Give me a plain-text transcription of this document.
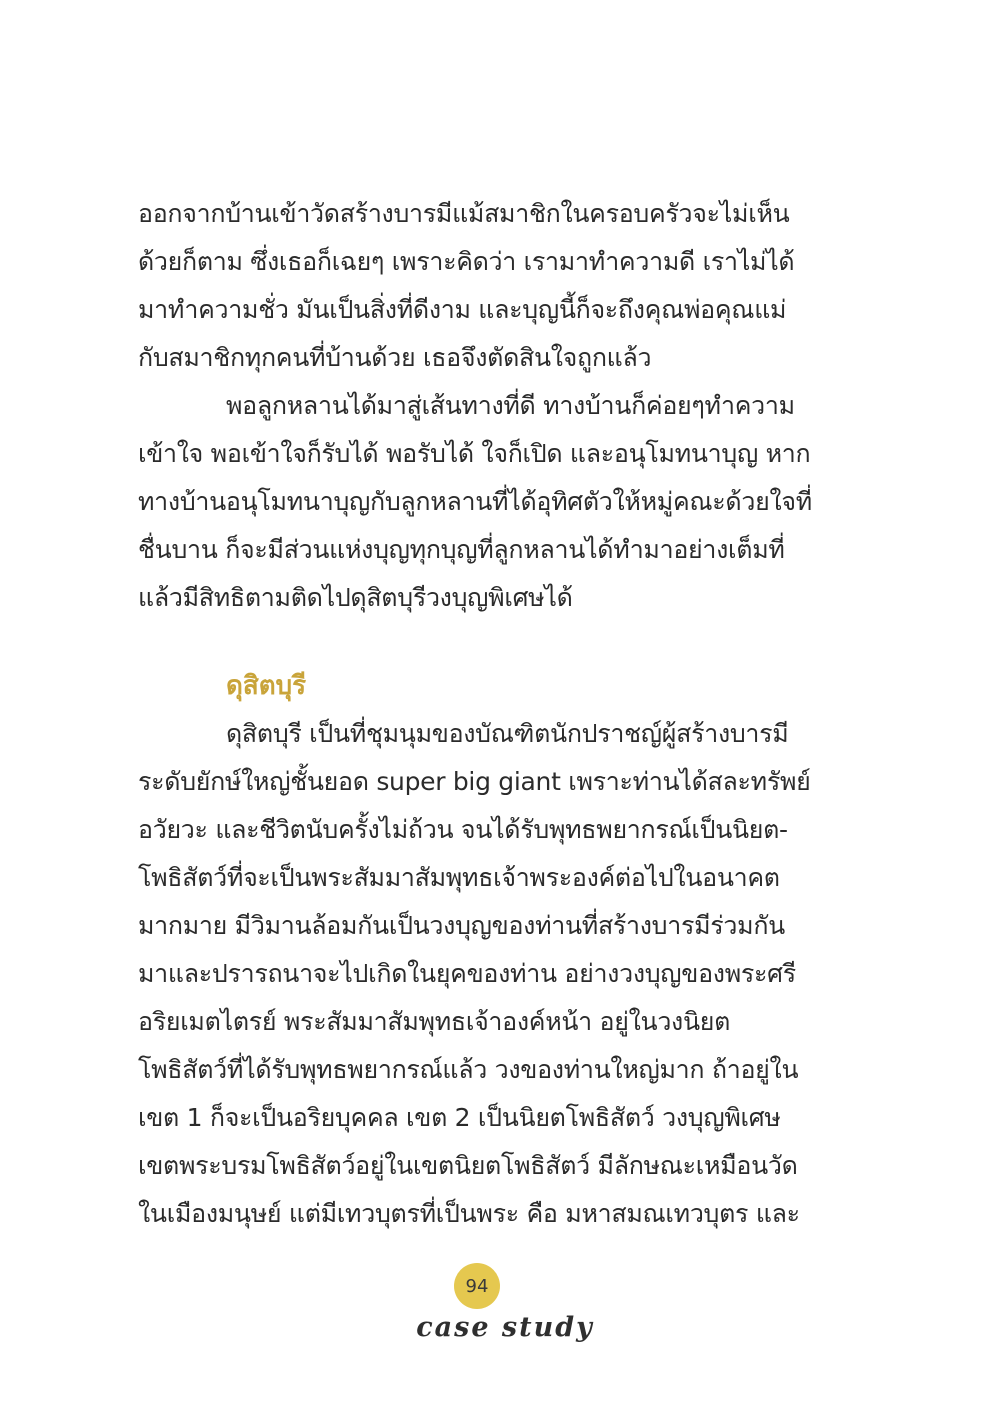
ออกจากบ้านเข้าวัดสร้างบารมีแม้สมาชิกในครอบครัวจะไม่เห็น
ด้วยก็ตาม ซึ่งเธอก็เฉยๆ เพราะคิดว่า เรามาทำความดี เราไม่ได้
มาทำความชั่ว มันเป็นสิ่งที่ดีงาม และบุญนี้ก็จะถึงคุณพ่อคุณแม่
กับสมาชิกทุกคนที่บ้านด้วย เธอจึงตัดสินใจถูกแล้ว
พอลูกหลานได้มาสู่เส้นทางที่ดี ทางบ้านก็ค่อยๆทำความ
เข้าใจ พอเข้าใจก็รับได้ พอรับได้ ใจก็เปิด และอนุโมทนาบุญ หาก
ทางบ้านอนุโมทนาบุญกับลูกหลานที่ได้อุทิศตัวให้หมู่คณะด้วยใจที่
ชื่นบาน ก็จะมีส่วนแห่งบุญทุกบุญที่ลูกหลานได้ทำมาอย่างเต็มที่
แล้วมีสิทธิตามติดไปดุสิตบุรีวงบุญพิเศษได้
ดุสิตบุรี
ดุสิตบุรี เป็นที่ชุมนุมของบัณฑิตนักปราชญ์ผู้สร้างบารมี
ระดับยักษ์ใหญ่ชั้นยอด super big giant เพราะท่านได้สละทรัพย์
อวัยวะ และชีวิตนับครั้งไม่ถ้วน จนได้รับพุทธพยากรณ์เป็นนิยต-
โพธิสัตว์ที่จะเป็นพระสัมมาสัมพุทธเจ้าพระองค์ต่อไปในอนาคต
มากมาย มีวิมานล้อมกันเป็นวงบุญของท่านที่สร้างบารมีร่วมกัน
มาและปรารถนาจะไปเกิดในยุคของท่าน อย่างวงบุญของพระศรี
อริยเมตไตรย์ พระสัมมาสัมพุทธเจ้าองค์หน้า อยู่ในวงนิยต
โพธิสัตว์ที่ได้รับพุทธพยากรณ์แล้ว วงของท่านใหญ่มาก ถ้าอยู่ใน
เขต 1 ก็จะเป็นอริยบุคคล เขต 2 เป็นนิยตโพธิสัตว์ วงบุญพิเศษ
เขตพระบรมโพธิสัตว์อยู่ในเขตนิยตโพธิสัตว์ มีลักษณะเหมือนวัด
ในเมืองมนุษย์ แต่มีเทวบุตรที่เป็นพระ คือ มหาสมณเทวบุตร และ
94
case study
